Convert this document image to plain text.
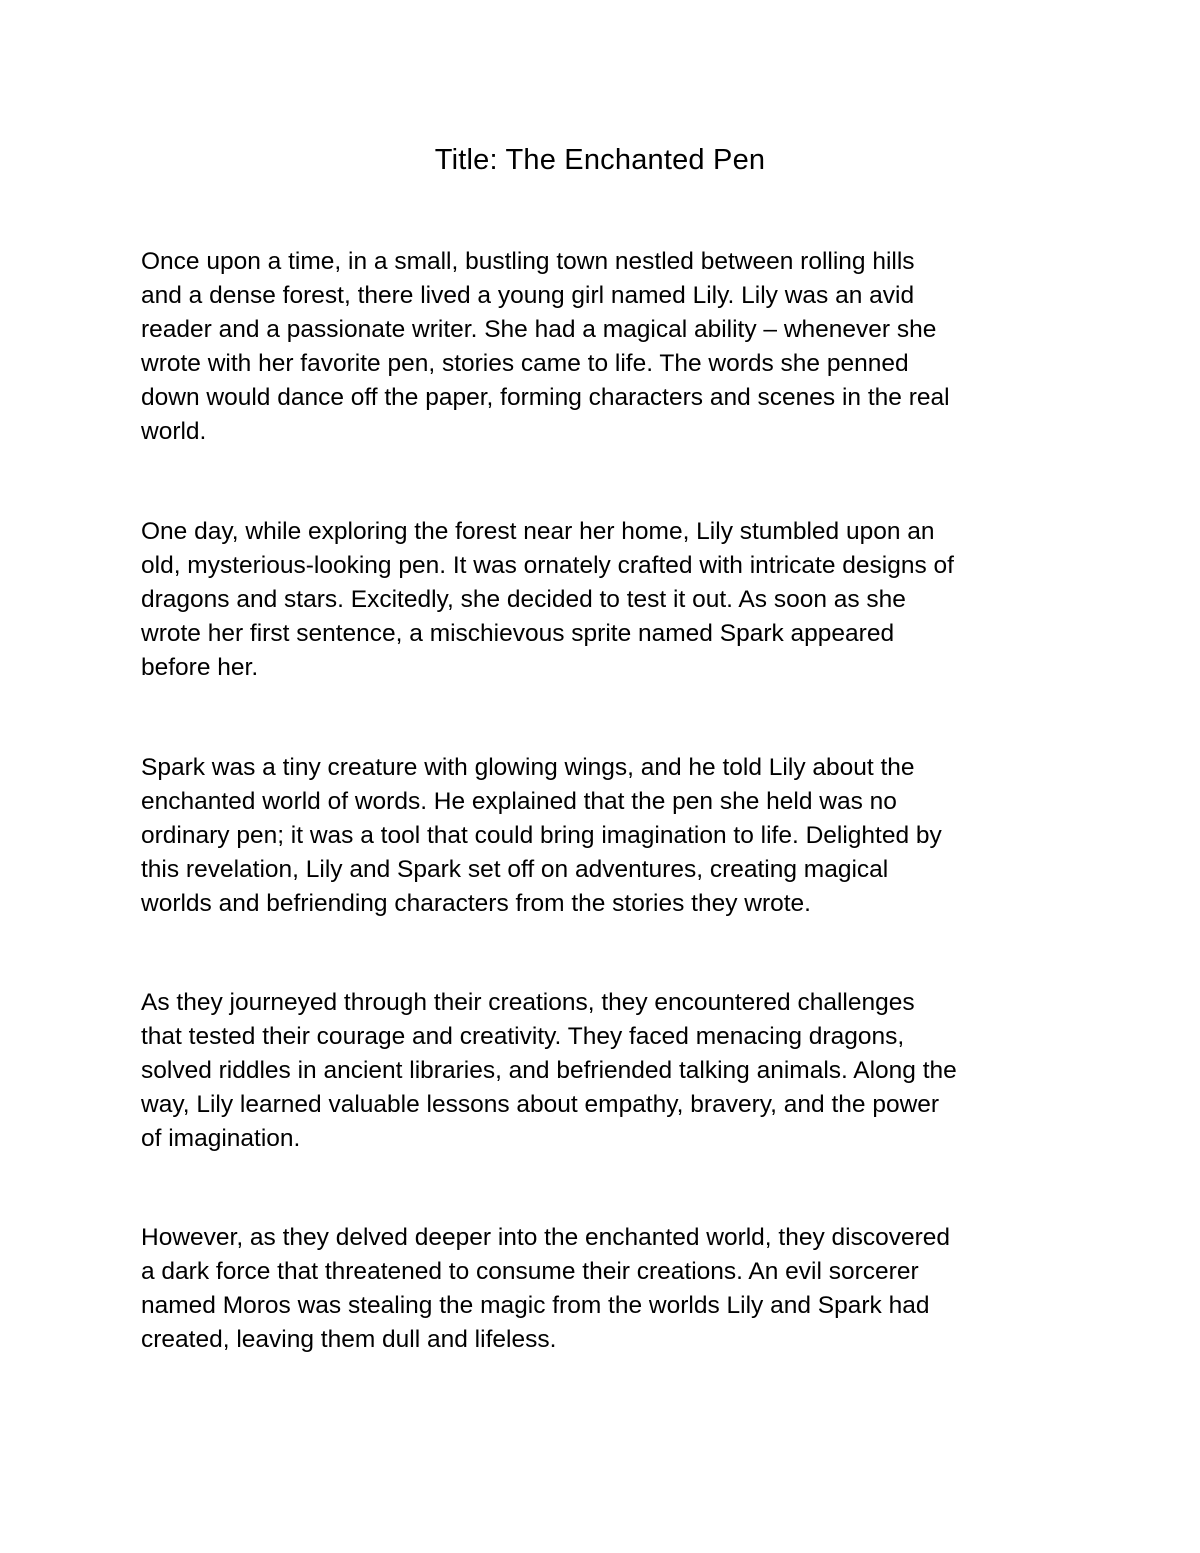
Title: The Enchanted Pen

Once upon a time, in a small, bustling town nestled between rolling hills
and a dense forest, there lived a young girl named Lily. Lily was an avid
reader and a passionate writer. She had a magical ability – whenever she
wrote with her favorite pen, stories came to life. The words she penned
down would dance off the paper, forming characters and scenes in the real
world.

One day, while exploring the forest near her home, Lily stumbled upon an
old, mysterious-looking pen. It was ornately crafted with intricate designs of
dragons and stars. Excitedly, she decided to test it out. As soon as she
wrote her first sentence, a mischievous sprite named Spark appeared
before her.

Spark was a tiny creature with glowing wings, and he told Lily about the
enchanted world of words. He explained that the pen she held was no
ordinary pen; it was a tool that could bring imagination to life. Delighted by
this revelation, Lily and Spark set off on adventures, creating magical
worlds and befriending characters from the stories they wrote.

As they journeyed through their creations, they encountered challenges
that tested their courage and creativity. They faced menacing dragons,
solved riddles in ancient libraries, and befriended talking animals. Along the
way, Lily learned valuable lessons about empathy, bravery, and the power
of imagination.

However, as they delved deeper into the enchanted world, they discovered
a dark force that threatened to consume their creations. An evil sorcerer
named Moros was stealing the magic from the worlds Lily and Spark had
created, leaving them dull and lifeless.
